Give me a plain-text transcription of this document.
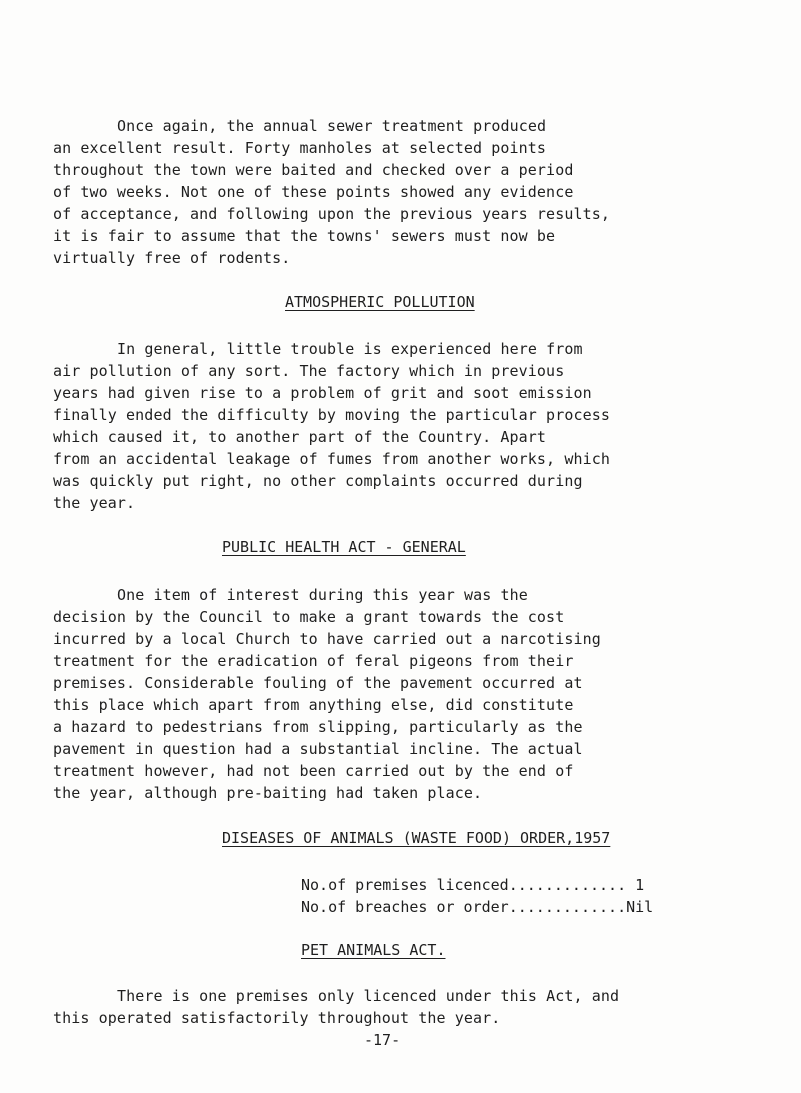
Once again, the annual sewer treatment produced
an excellent result. Forty manholes at selected points
throughout the town were baited and checked over a period
of two weeks. Not one of these points showed any evidence
of acceptance, and following upon the previous years results,
it is fair to assume that the towns' sewers must now be
virtually free of rodents.
ATMOSPHERIC POLLUTION
In general, little trouble is experienced here from
air pollution of any sort. The factory which in previous
years had given rise to a problem of grit and soot emission
finally ended the difficulty by moving the particular process
which caused it, to another part of the Country. Apart
from an accidental leakage of fumes from another works, which
was quickly put right, no other complaints occurred during
the year.
PUBLIC HEALTH ACT - GENERAL
One item of interest during this year was the
decision by the Council to make a grant towards the cost
incurred by a local Church to have carried out a narcotising
treatment for the eradication of feral pigeons from their
premises. Considerable fouling of the pavement occurred at
this place which apart from anything else, did constitute
a hazard to pedestrians from slipping, particularly as the
pavement in question had a substantial incline. The actual
treatment however, had not been carried out by the end of
the year, although pre-baiting had taken place.
DISEASES OF ANIMALS (WASTE FOOD) ORDER,1957
No.of premises licenced............. 1
No.of breaches or order.............Nil
PET ANIMALS ACT.
There is one premises only licenced under this Act, and
this operated satisfactorily throughout the year.
-17-
